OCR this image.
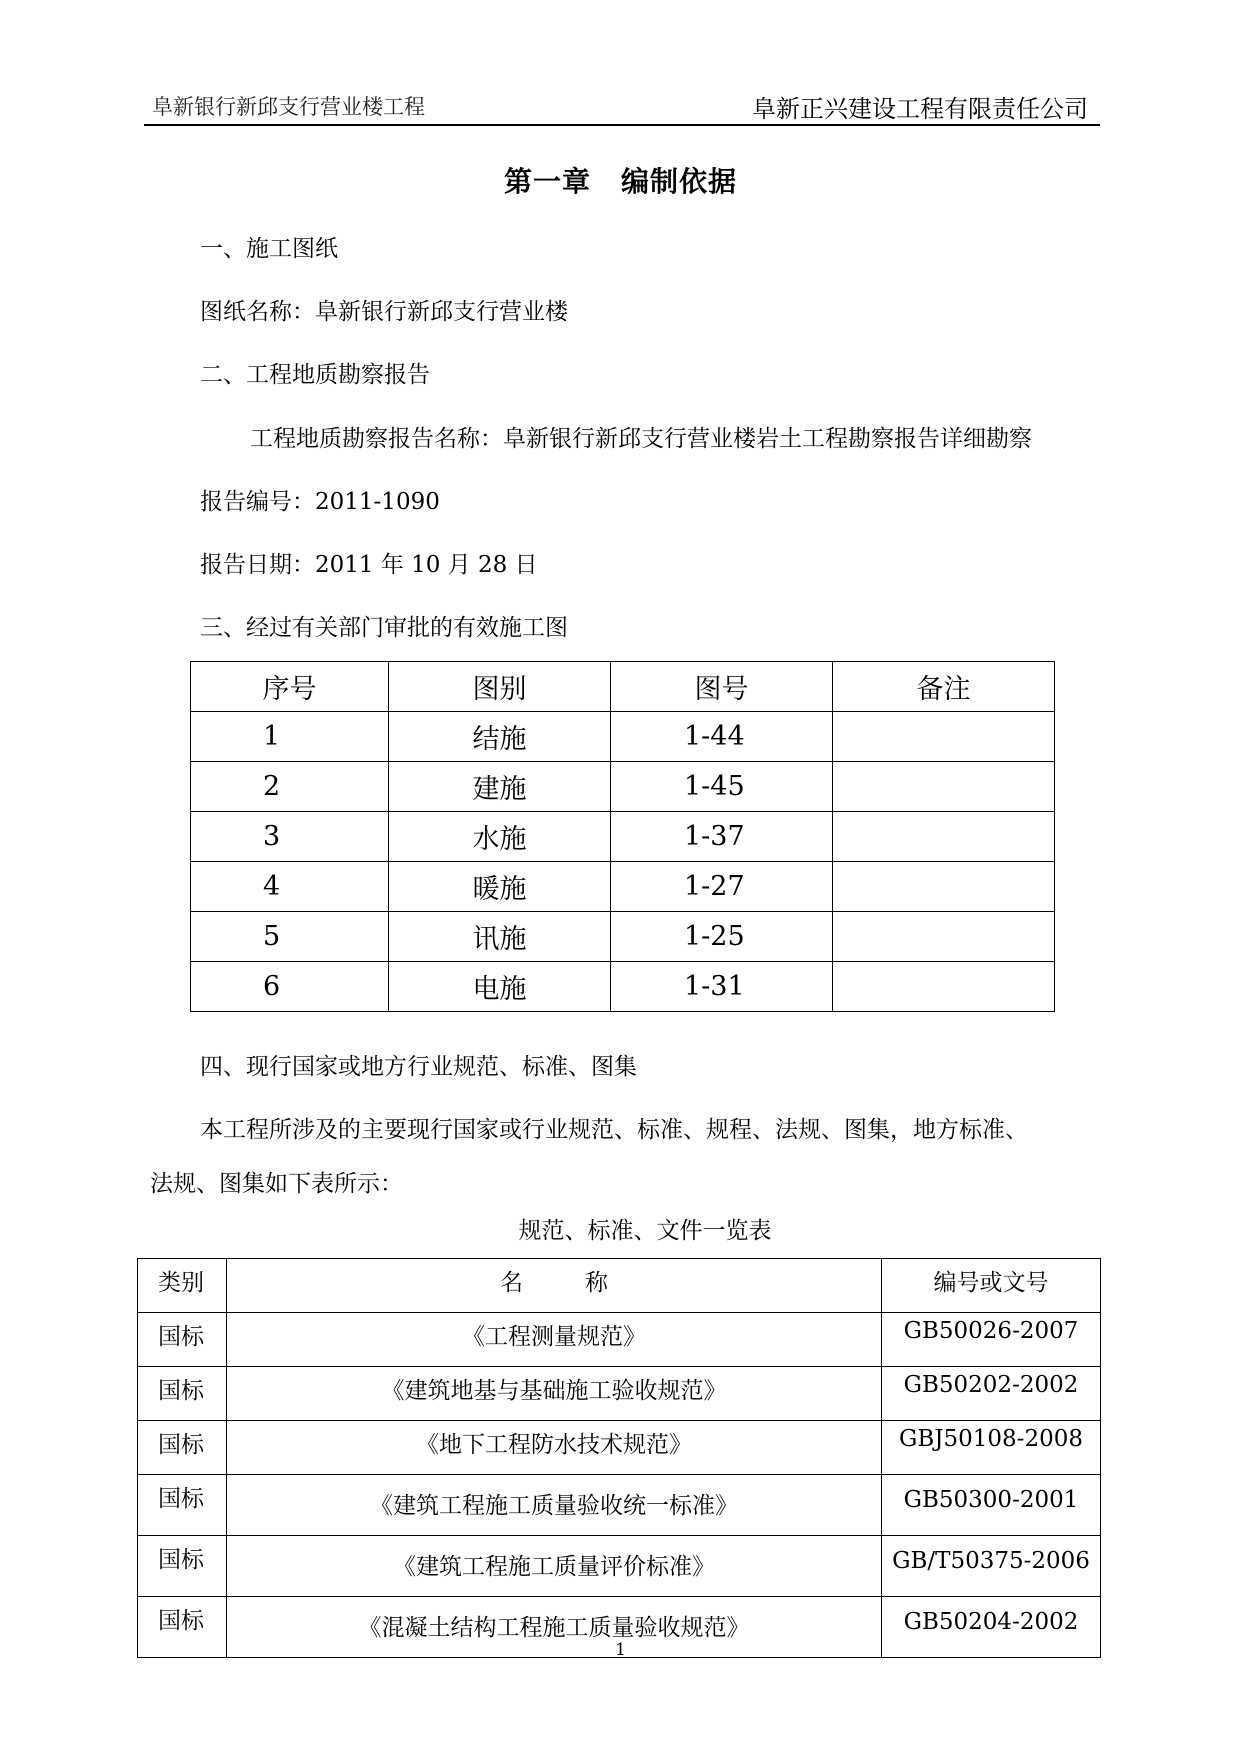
阜新银行新邱支行营业楼工程	阜新正兴建设工程有限责任公司
第一章 编制依据
一、施工图纸
图纸名称：阜新银行新邱支行营业楼
二、工程地质勘察报告
工程地质勘察报告名称：阜新银行新邱支行营业楼岩土工程勘察报告详细勘察
报告编号：2011-1090
报告日期：2011 年 10 月 28 日
三、经过有关部门审批的有效施工图
序号	图别	图号	备注
1	结施	1-44	
2	建施	1-45	
3	水施	1-37	
4	暖施	1-27	
5	讯施	1-25	
6	电施	1-31	
四、现行国家或地方行业规范、标准、图集
本工程所涉及的主要现行国家或行业规范、标准、规程、法规、图集，地方标准、
法规、图集如下表所示：
规范、标准、文件一览表
类别	名 称	编号或文号
国标	《工程测量规范》	GB50026-2007
国标	《建筑地基与基础施工验收规范》	GB50202-2002
国标	《地下工程防水技术规范》	GBJ50108-2008
国标	《建筑工程施工质量验收统一标准》	GB50300-2001
国标	《建筑工程施工质量评价标准》	GB/T50375-2006
国标	《混凝土结构工程施工质量验收规范》	GB50204-2002
1
